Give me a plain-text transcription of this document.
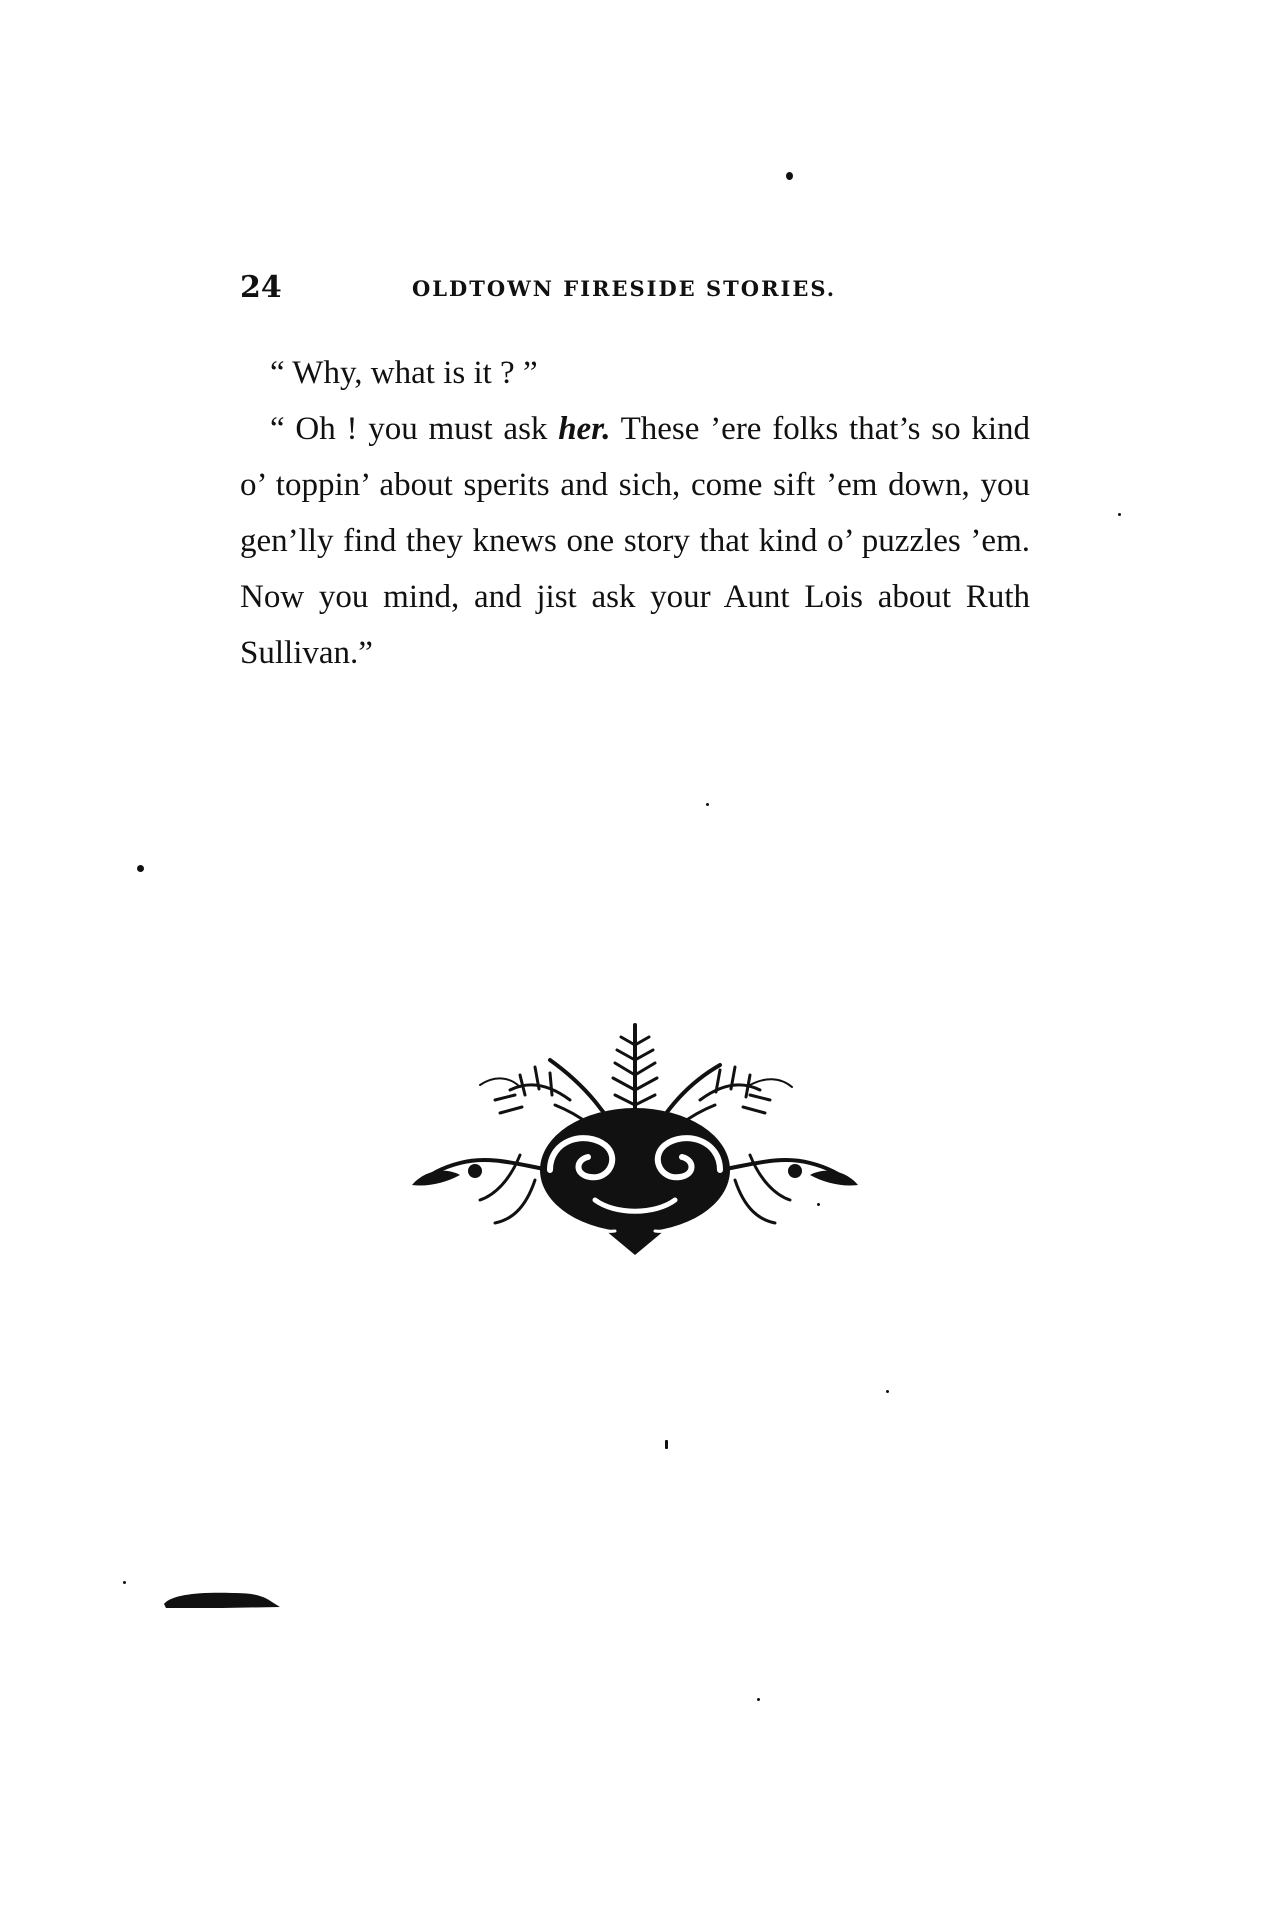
24	OLDTOWN FIRESIDE STORIES.

“ Why, what is it ? ”

“ Oh ! you must ask her. These ’ere folks that’s so kind o’ toppin’ about sperits and sich, come sift ’em down, you gen’lly find they knews one story that kind o’ puzzles ’em. Now you mind, and jist ask your Aunt Lois about Ruth Sullivan.”
